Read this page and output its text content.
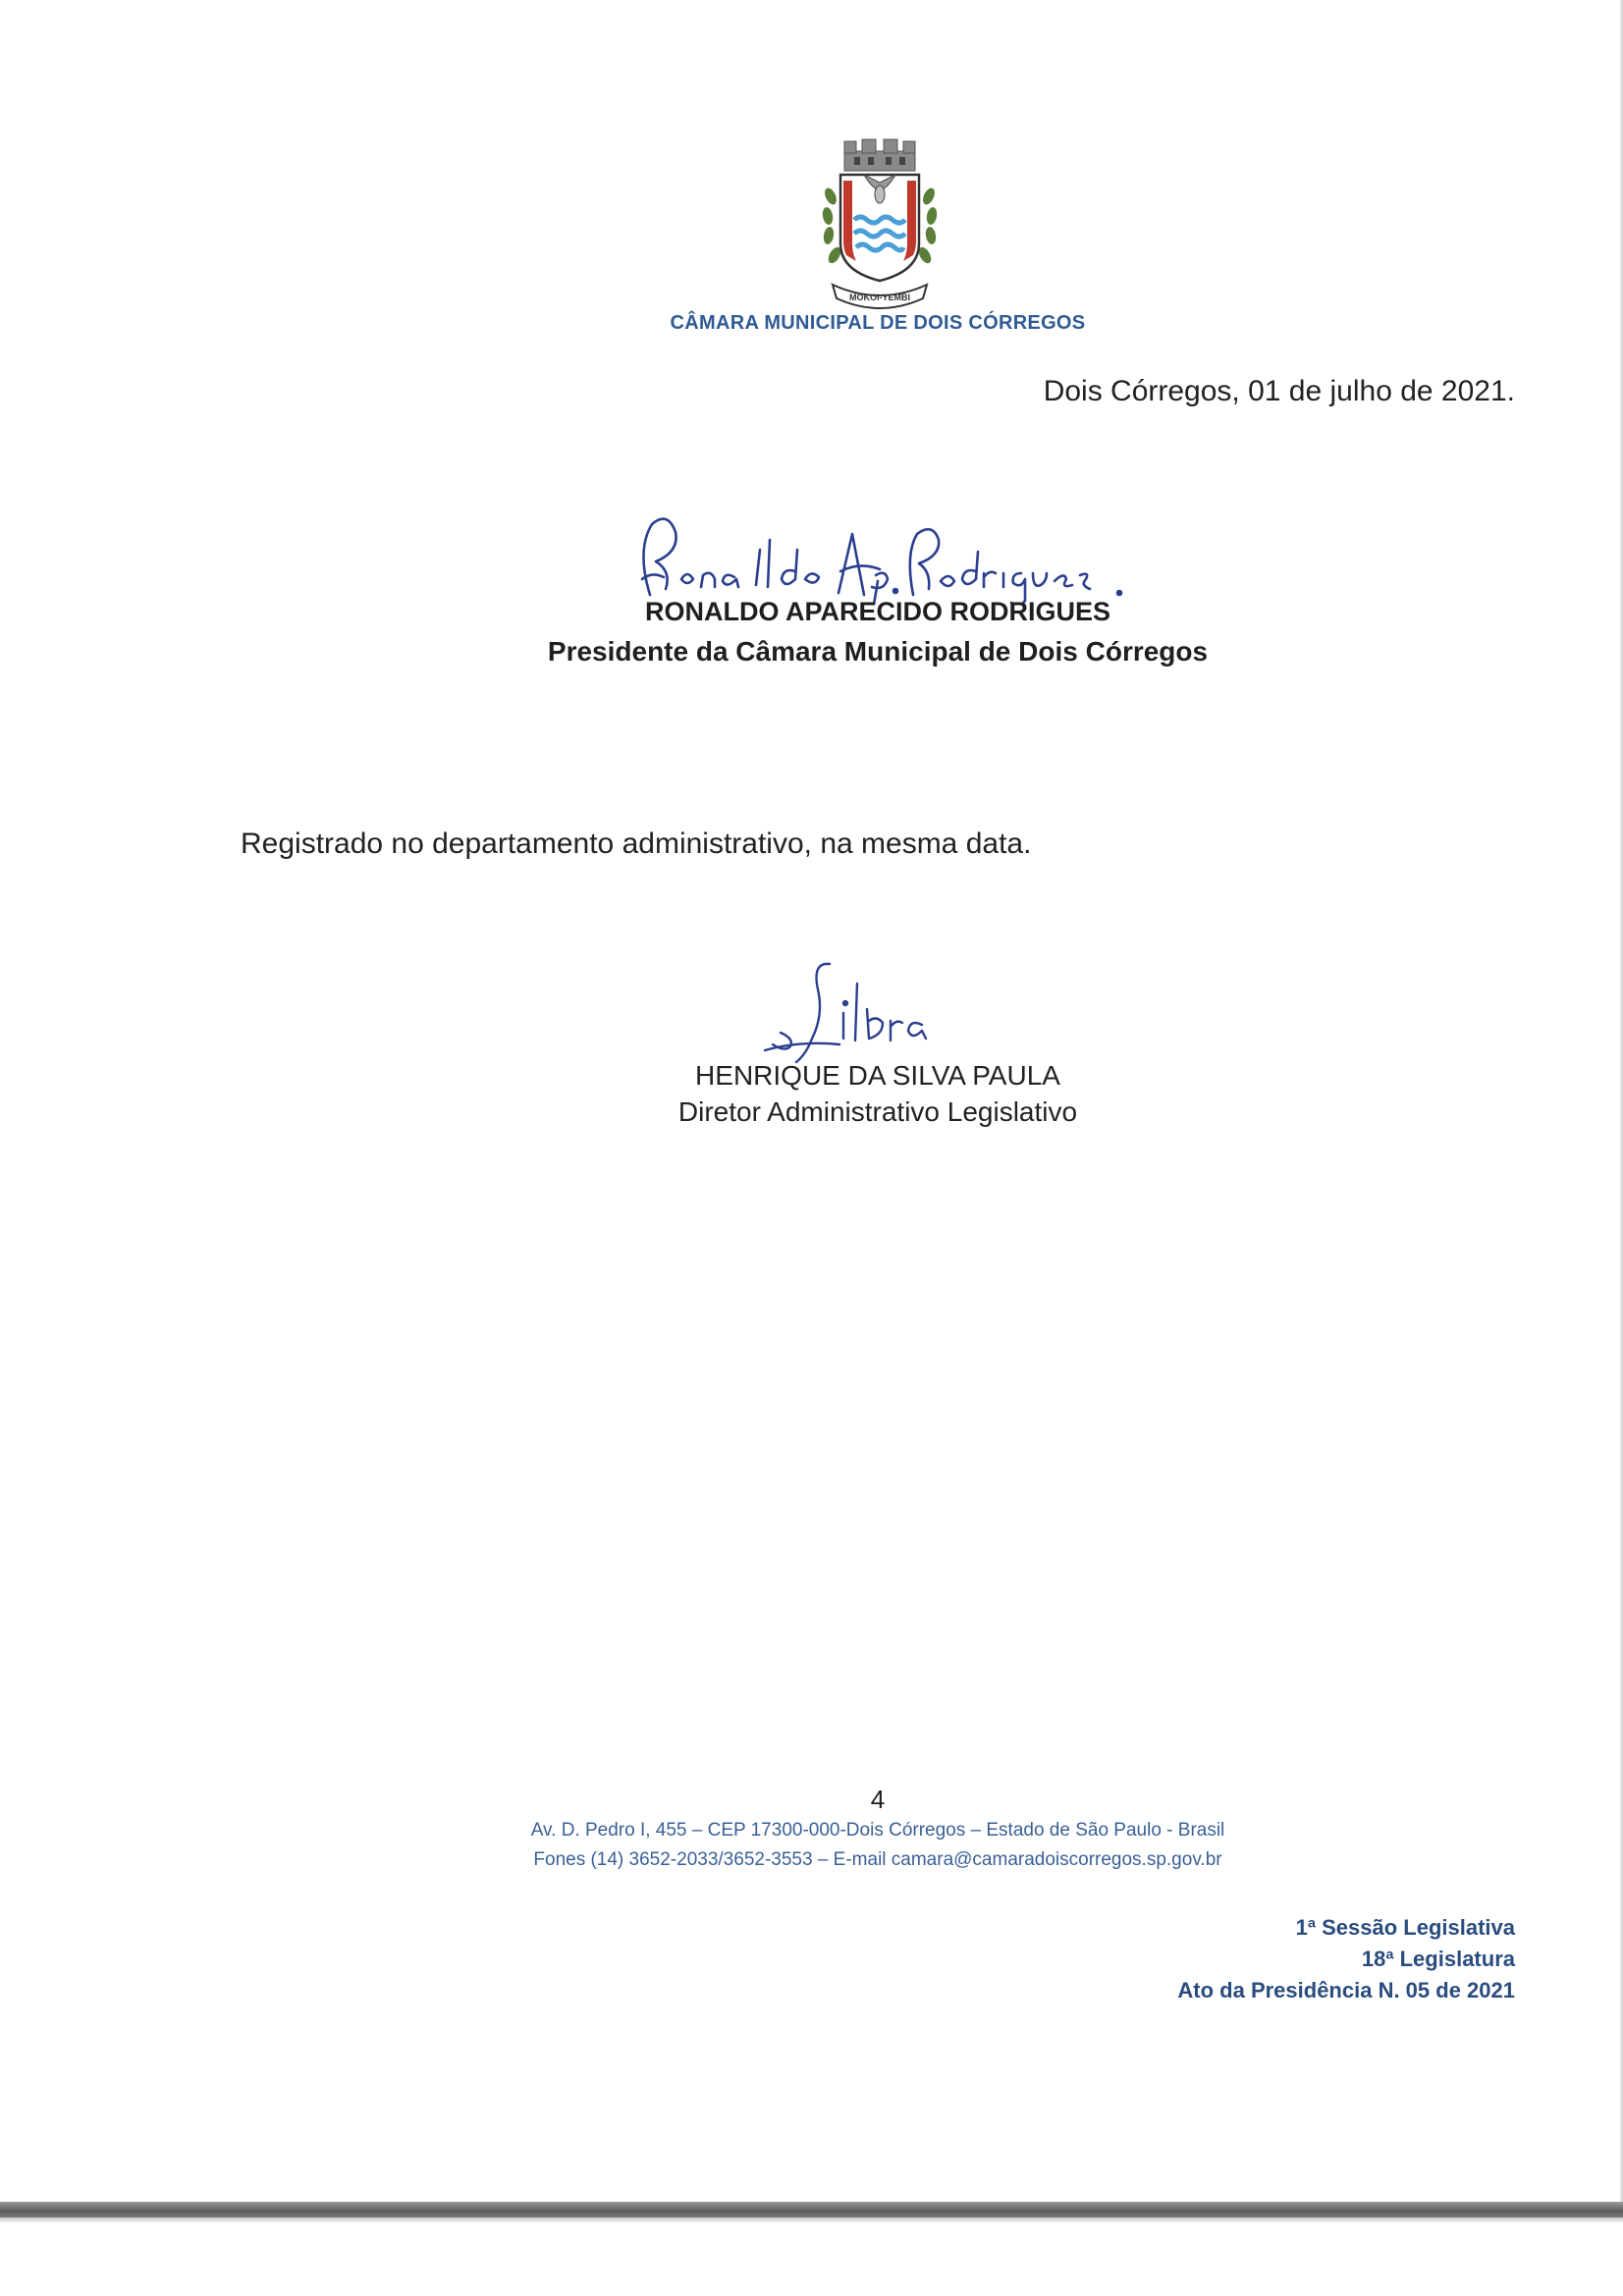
MOKOI-YEMBI
CÂMARA MUNICIPAL DE DOIS CÓRREGOS
Dois Córregos, 01 de julho de 2021.
Ronaldo Ap. Rodrigues
RONALDO APARECIDO RODRIGUES
Presidente da Câmara Municipal de Dois Córregos
Registrado no departamento administrativo, na mesma data.
Silva
HENRIQUE DA SILVA PAULA
Diretor Administrativo Legislativo
4
Av. D. Pedro I, 455 – CEP 17300-000-Dois Córregos – Estado de São Paulo - Brasil
Fones (14) 3652-2033/3652-3553 – E-mail camara@camaradoiscorregos.sp.gov.br
1ª Sessão Legislativa
18ª Legislatura
Ato da Presidência N. 05 de 2021
